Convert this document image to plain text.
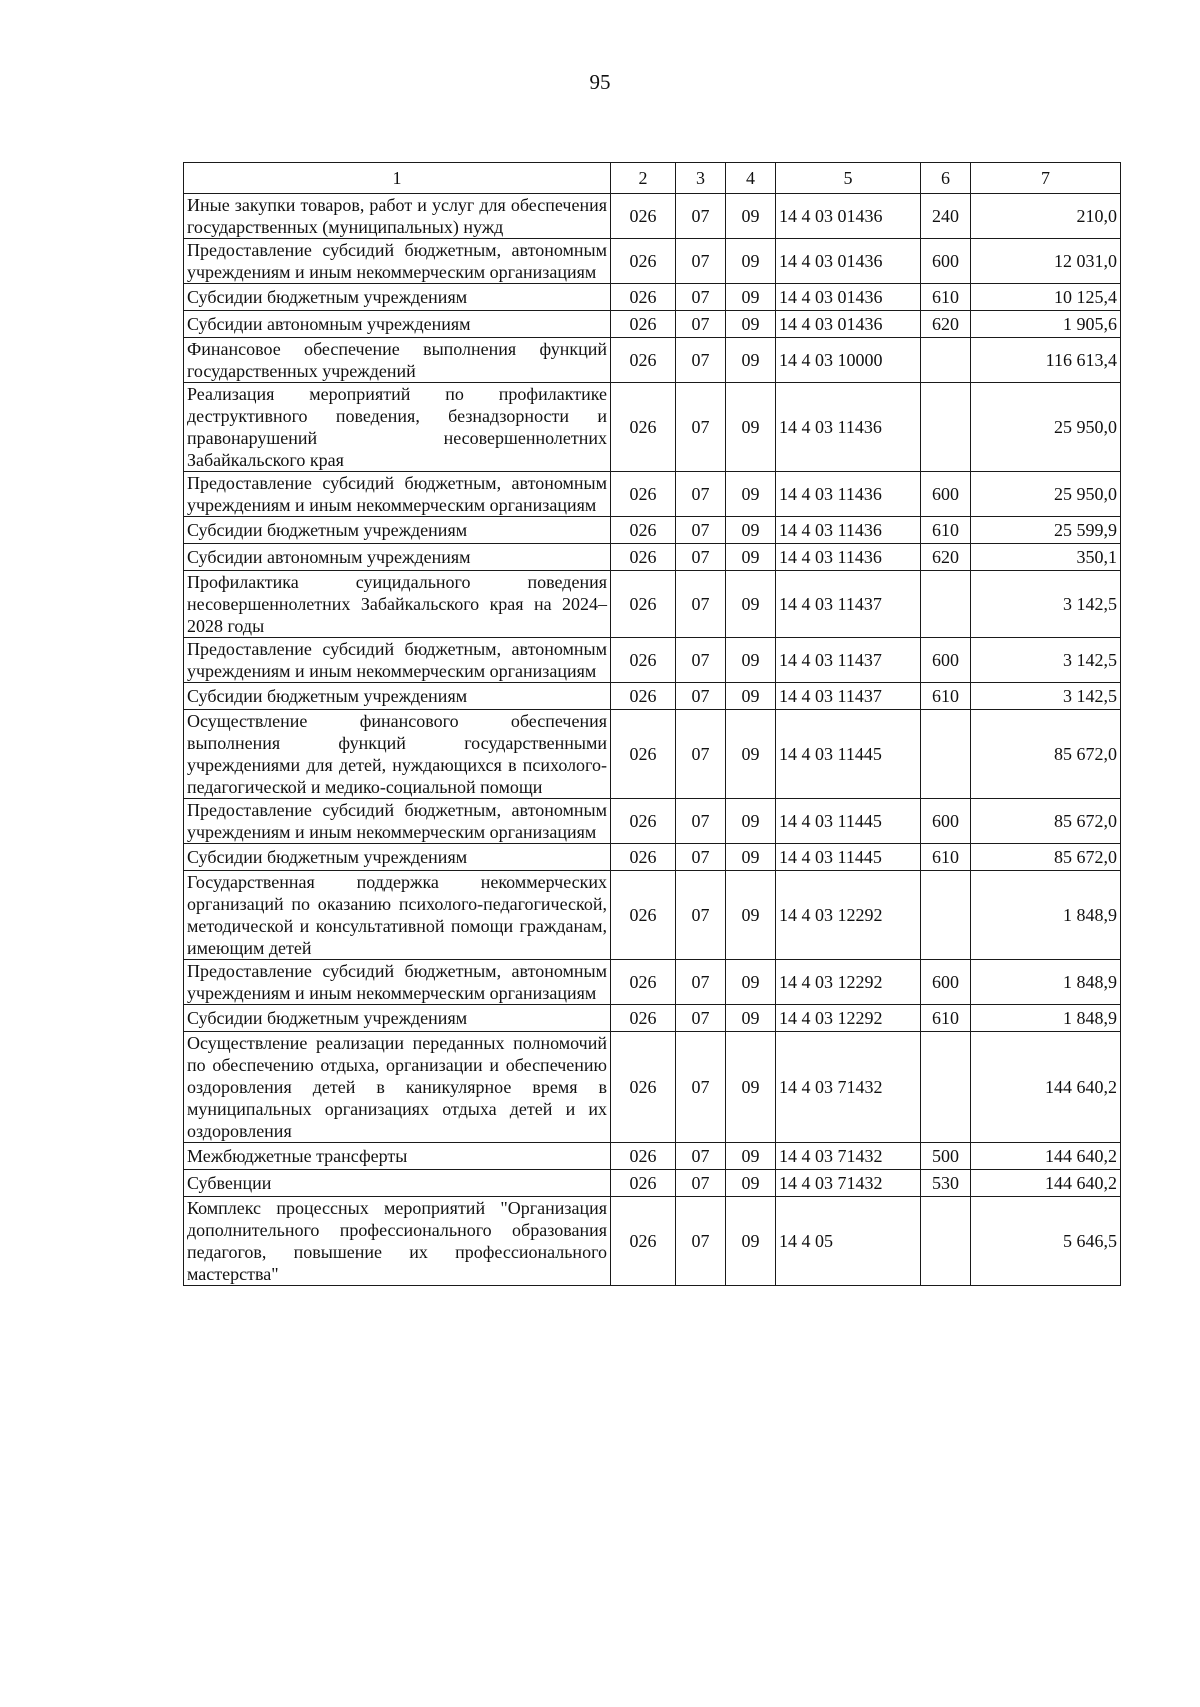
95
1	2	3	4	5	6	7
Иные закупки товаров, работ и услуг для обеспечения государственных (муниципальных) нужд	026	07	09	14 4 03 01436	240	210,0
Предоставление субсидий бюджетным, автономным учреждениям и иным некоммерческим организациям	026	07	09	14 4 03 01436	600	12 031,0
Субсидии бюджетным учреждениям	026	07	09	14 4 03 01436	610	10 125,4
Субсидии автономным учреждениям	026	07	09	14 4 03 01436	620	1 905,6
Финансовое обеспечение выполнения функций государственных учреждений	026	07	09	14 4 03 10000		116 613,4
Реализация мероприятий по профилактике деструктивного поведения, безнадзорности и правонарушений несовершеннолетних Забайкальского края	026	07	09	14 4 03 11436		25 950,0
Предоставление субсидий бюджетным, автономным учреждениям и иным некоммерческим организациям	026	07	09	14 4 03 11436	600	25 950,0
Субсидии бюджетным учреждениям	026	07	09	14 4 03 11436	610	25 599,9
Субсидии автономным учреждениям	026	07	09	14 4 03 11436	620	350,1
Профилактика суицидального поведения несовершеннолетних Забайкальского края на 2024–2028 годы	026	07	09	14 4 03 11437		3 142,5
Предоставление субсидий бюджетным, автономным учреждениям и иным некоммерческим организациям	026	07	09	14 4 03 11437	600	3 142,5
Субсидии бюджетным учреждениям	026	07	09	14 4 03 11437	610	3 142,5
Осуществление финансового обеспечения выполнения функций государственными учреждениями для детей, нуждающихся в психолого-педагогической и медико-социальной помощи	026	07	09	14 4 03 11445		85 672,0
Предоставление субсидий бюджетным, автономным учреждениям и иным некоммерческим организациям	026	07	09	14 4 03 11445	600	85 672,0
Субсидии бюджетным учреждениям	026	07	09	14 4 03 11445	610	85 672,0
Государственная поддержка некоммерческих организаций по оказанию психолого-педагогической, методической и консультативной помощи гражданам, имеющим детей	026	07	09	14 4 03 12292		1 848,9
Предоставление субсидий бюджетным, автономным учреждениям и иным некоммерческим организациям	026	07	09	14 4 03 12292	600	1 848,9
Субсидии бюджетным учреждениям	026	07	09	14 4 03 12292	610	1 848,9
Осуществление реализации переданных полномочий по обеспечению отдыха, организации и обеспечению оздоровления детей в каникулярное время в муниципальных организациях отдыха детей и их оздоровления	026	07	09	14 4 03 71432		144 640,2
Межбюджетные трансферты	026	07	09	14 4 03 71432	500	144 640,2
Субвенции	026	07	09	14 4 03 71432	530	144 640,2
Комплекс процессных мероприятий "Организация дополнительного профессионального образования педагогов, повышение их профессионального мастерства"	026	07	09	14 4 05		5 646,5
